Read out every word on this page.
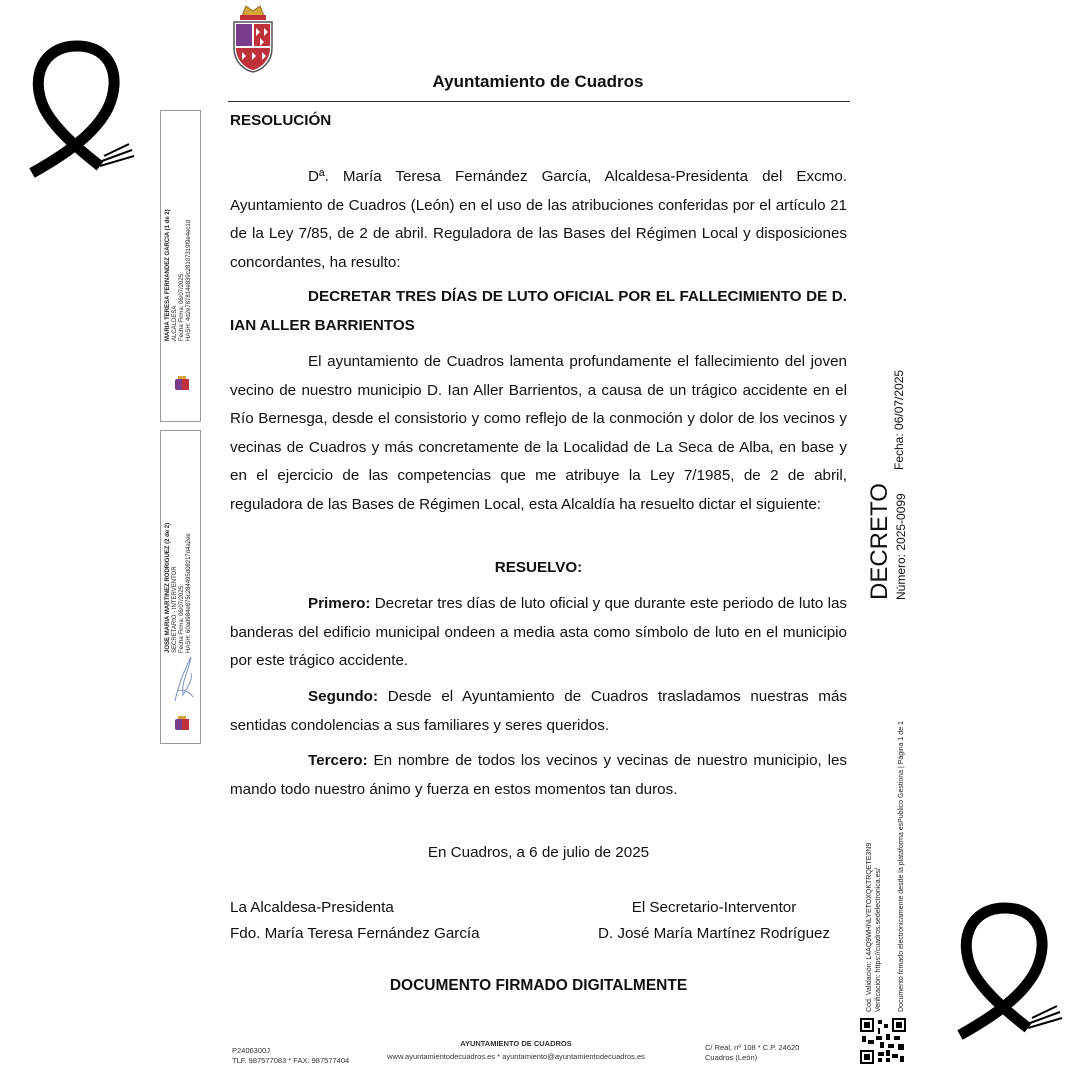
Ayuntamiento de Cuadros
RESOLUCIÓN

Dª. María Teresa Fernández García, Alcaldesa-Presidenta del Excmo. Ayuntamiento de Cuadros (León) en el uso de las atribuciones conferidas por el artículo 21 de la Ley 7/85, de 2 de abril. Reguladora de las Bases del Régimen Local y disposiciones concordantes, ha resulto:

DECRETAR TRES DÍAS DE LUTO OFICIAL POR EL FALLECIMIENTO DE D. IAN ALLER BARRIENTOS

El ayuntamiento de Cuadros lamenta profundamente el fallecimiento del joven vecino de nuestro municipio D. Ian Aller Barrientos, a causa de un trágico accidente en el Río Bernesga, desde el consistorio y como reflejo de la conmoción y dolor de los vecinos y vecinas de Cuadros y más concretamente de la Localidad de La Seca de Alba, en base y en el ejercicio de las competencias que me atribuye la Ley 7/1985, de 2 de abril, reguladora de las Bases de Régimen Local, esta Alcaldía ha resuelto dictar el siguiente:

RESUELVO:

Primero: Decretar tres días de luto oficial y que durante este periodo de luto las banderas del edificio municipal ondeen a media asta como símbolo de luto en el municipio por este trágico accidente.

Segundo: Desde el Ayuntamiento de Cuadros trasladamos nuestras más sentidas condolencias a sus familiares y seres queridos.

Tercero: En nombre de todos los vecinos y vecinas de nuestro municipio, les mando todo nuestro ánimo y fuerza en estos momentos tan duros.

En Cuadros, a 6 de julio de 2025

La Alcaldesa-Presidenta
Fdo. María Teresa Fernández García
El Secretario-Interventor
D. José María Martínez Rodríguez
DOCUMENTO FIRMADO DIGITALMENTE
P2406300J
TLF. 987577083 * FAX. 987577404
AYUNTAMIENTO DE CUADROS
www.ayuntamientodecuadros.es * ayuntamiento@ayuntamientodecuadros.es
C/ Real, nº 108 * C.P. 24620
Cuadros (León)
MARIA TERESA FERNANDEZ GARCIA (1 de 2) ALCALDESA Fecha Firma: 06/07/2025 HASH: 4d2e787814e839c28107319f9e4ec1d
JOSE MARIA MARTINEZ RODRIGUEZ (2 de 2) SECRETARIO - INTERVENTOR Fecha Firma: 06/07/2025 HASH: 60ad984e875c284495d08217d4a2ee	DECRETO Número: 2025-0099
Fecha: 06/07/2025
Cód. Validación: L4AQ9WHNLYETOXQKTRQETE3N9 Verificación: https://cuadros.sedelectronica.es/ Documento firmado electrónicamente desde la plataforma esPublico Gestiona | Página 1 de 1
